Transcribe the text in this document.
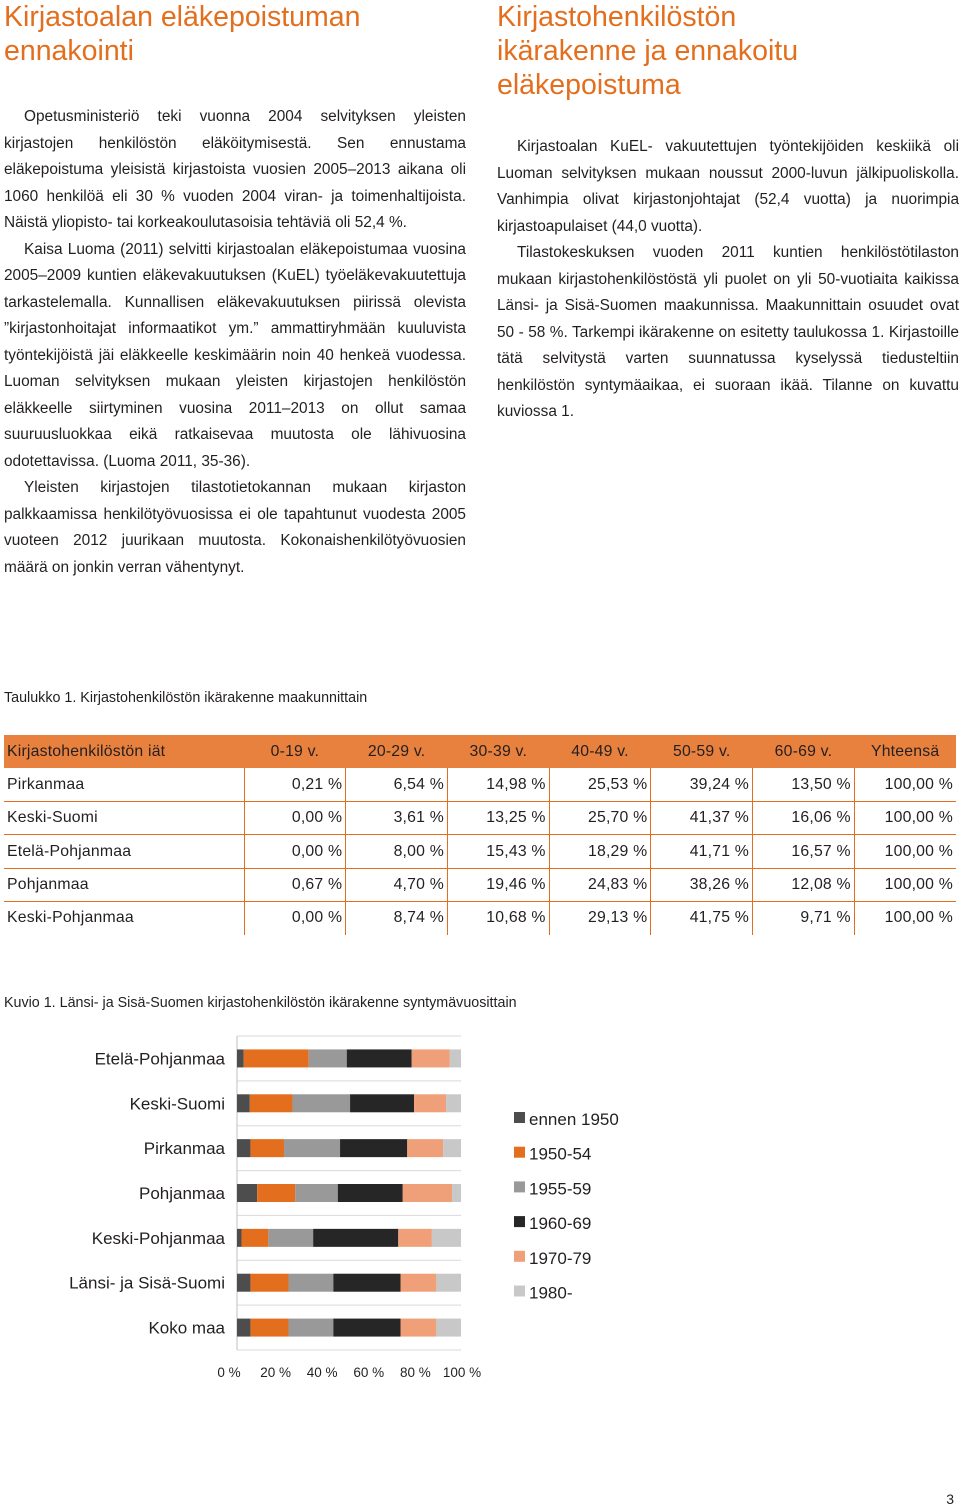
Kirjastoalan eläkepoistuman
ennakointi

Opetusministeriö teki vuonna 2004 selvityksen yleisten kirjastojen henkilöstön eläköitymisestä. Sen ennustama eläkepoistuma yleisistä kirjastoista vuosien 2005–2013 aikana oli 1060 henkilöä eli 30 % vuoden 2004 viran- ja toimenhaltijoista. Näistä yliopisto- tai korkeakoulutasoisia tehtäviä oli 52,4 %.

Kaisa Luoma (2011) selvitti kirjastoalan eläkepoistumaa vuosina 2005–2009 kuntien eläkevakuutuksen (KuEL) työeläkevakuutettuja tarkastelemalla. Kunnallisen eläkevakuutuksen piirissä olevista ”kirjastonhoitajat informaatikot ym.” ammattiryhmään kuuluvista työntekijöistä jäi eläkkeelle keskimäärin noin 40 henkeä vuodessa. Luoman selvityksen mukaan yleisten kirjastojen henkilöstön eläkkeelle siirtyminen vuosina 2011–2013 on ollut samaa suuruusluokkaa eikä ratkaisevaa muutosta ole lähivuosina odotettavissa. (Luoma 2011, 35-36).

Yleisten kirjastojen tilastotietokannan mukaan kirjaston palkkaamissa henkilötyövuosissa ei ole tapahtunut vuodesta 2005 vuoteen 2012 juurikaan muutosta. Kokonaishenkilötyövuosien määrä on jonkin verran vähentynyt.

Kirjastohenkilöstön
ikärakenne ja ennakoitu
eläkepoistuma

Kirjastoalan KuEL- vakuutettujen työntekijöiden keskiikä oli Luoman selvityksen mukaan noussut 2000-luvun jälkipuoliskolla. Vanhimpia olivat kirjastonjohtajat (52,4 vuotta) ja nuorimpia kirjastoapulaiset (44,0 vuotta).

Tilastokeskuksen vuoden 2011 kuntien henkilöstötilaston mukaan kirjastohenkilöstöstä yli puolet on yli 50-vuotiaita kaikissa Länsi- ja Sisä-Suomen maakunnissa. Maakunnittain osuudet ovat 50 - 58 %. Tarkempi ikärakenne on esitetty taulukossa 1. Kirjastoille tätä selvitystä varten suunnatussa kyselyssä tiedusteltiin henkilöstön syntymäaikaa, ei suoraan ikää. Tilanne on kuvattu kuviossa 1.

Taulukko 1. Kirjastohenkilöstön ikärakenne maakunnittain
Kirjastohenkilöstön iät	0-19 v.	20-29 v.	30-39 v.	40-49 v.	50-59 v.	60-69 v.	Yhteensä
Pirkanmaa	0,21 %	6,54 %	14,98 %	25,53 %	39,24 %	13,50 %	100,00 %
Keski-Suomi	0,00 %	3,61 %	13,25 %	25,70 %	41,37 %	16,06 %	100,00 %
Etelä-Pohjanmaa	0,00 %	8,00 %	15,43 %	18,29 %	41,71 %	16,57 %	100,00 %
Pohjanmaa	0,67 %	4,70 %	19,46 %	24,83 %	38,26 %	12,08 %	100,00 %
Keski-Pohjanmaa	0,00 %	8,74 %	10,68 %	29,13 %	41,75 %	9,71 %	100,00 %
Kuvio 1. Länsi- ja Sisä-Suomen kirjastohenkilöstön ikärakenne syntymävuosittain
Etelä-Pohjanmaa
Keski-Suomi
Pirkanmaa
Pohjanmaa
Keski-Pohjanmaa
Länsi- ja Sisä-Suomi
Koko maa
0 % 20 % 40 % 60 % 80 % 100 %
ennen 1950
1950-54
1955-59
1960-69
1970-79
1980-
3
